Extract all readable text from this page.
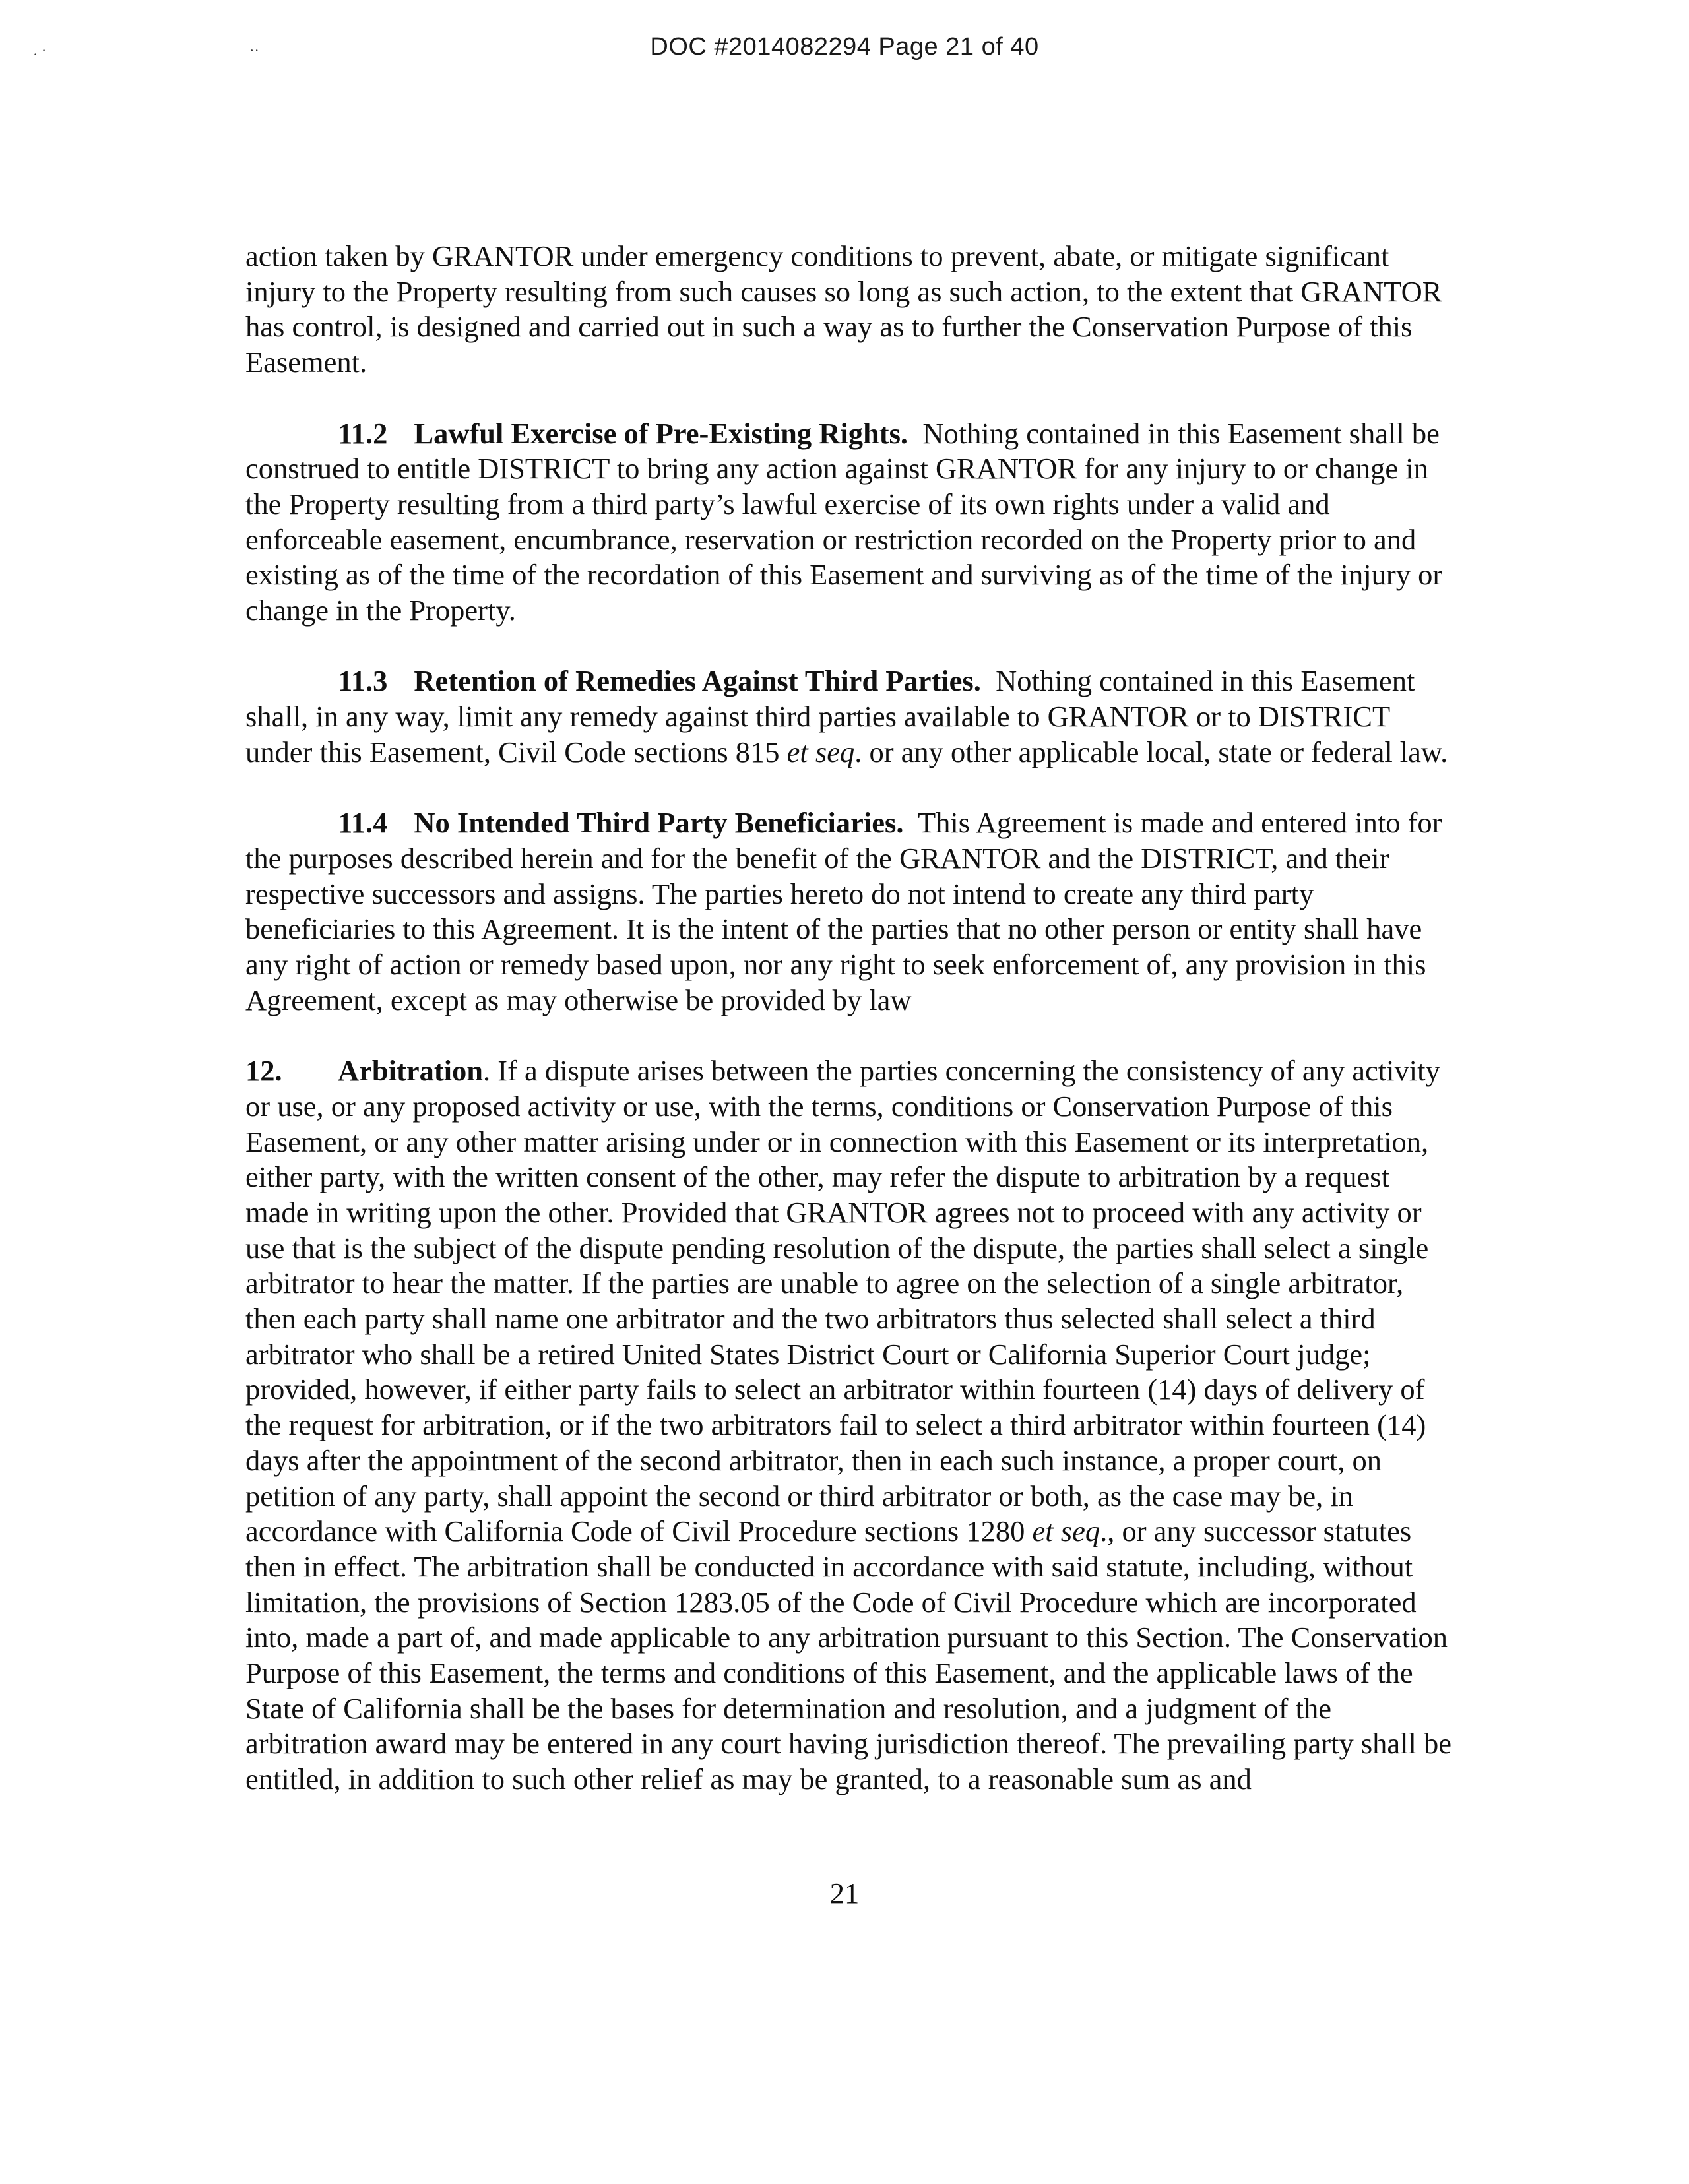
DOC #2014082294 Page 21 of 40
· ˙                                                        ˙˙

action taken by GRANTOR under emergency conditions to prevent, abate, or mitigate significant injury to the Property resulting from such causes so long as such action, to the extent that GRANTOR has control, is designed and carried out in such a way as to further the Conservation Purpose of this Easement.

11.2 Lawful Exercise of Pre-Existing Rights. Nothing contained in this Easement shall be construed to entitle DISTRICT to bring any action against GRANTOR for any injury to or change in the Property resulting from a third party’s lawful exercise of its own rights under a valid and enforceable easement, encumbrance, reservation or restriction recorded on the Property prior to and existing as of the time of the recordation of this Easement and surviving as of the time of the injury or change in the Property.

11.3 Retention of Remedies Against Third Parties. Nothing contained in this Easement shall, in any way, limit any remedy against third parties available to GRANTOR or to DISTRICT under this Easement, Civil Code sections 815 et seq. or any other applicable local, state or federal law.

11.4 No Intended Third Party Beneficiaries. This Agreement is made and entered into for the purposes described herein and for the benefit of the GRANTOR and the DISTRICT, and their respective successors and assigns. The parties hereto do not intend to create any third party beneficiaries to this Agreement. It is the intent of the parties that no other person or entity shall have any right of action or remedy based upon, nor any right to seek enforcement of, any provision in this Agreement, except as may otherwise be provided by law

12. Arbitration. If a dispute arises between the parties concerning the consistency of any activity or use, or any proposed activity or use, with the terms, conditions or Conservation Purpose of this Easement, or any other matter arising under or in connection with this Easement or its interpretation, either party, with the written consent of the other, may refer the dispute to arbitration by a request made in writing upon the other. Provided that GRANTOR agrees not to proceed with any activity or use that is the subject of the dispute pending resolution of the dispute, the parties shall select a single arbitrator to hear the matter. If the parties are unable to agree on the selection of a single arbitrator, then each party shall name one arbitrator and the two arbitrators thus selected shall select a third arbitrator who shall be a retired United States District Court or California Superior Court judge; provided, however, if either party fails to select an arbitrator within fourteen (14) days of delivery of the request for arbitration, or if the two arbitrators fail to select a third arbitrator within fourteen (14) days after the appointment of the second arbitrator, then in each such instance, a proper court, on petition of any party, shall appoint the second or third arbitrator or both, as the case may be, in accordance with California Code of Civil Procedure sections 1280 et seq., or any successor statutes then in effect. The arbitration shall be conducted in accordance with said statute, including, without limitation, the provisions of Section 1283.05 of the Code of Civil Procedure which are incorporated into, made a part of, and made applicable to any arbitration pursuant to this Section. The Conservation Purpose of this Easement, the terms and conditions of this Easement, and the applicable laws of the State of California shall be the bases for determination and resolution, and a judgment of the arbitration award may be entered in any court having jurisdiction thereof. The prevailing party shall be entitled, in addition to such other relief as may be granted, to a reasonable sum as and

21
